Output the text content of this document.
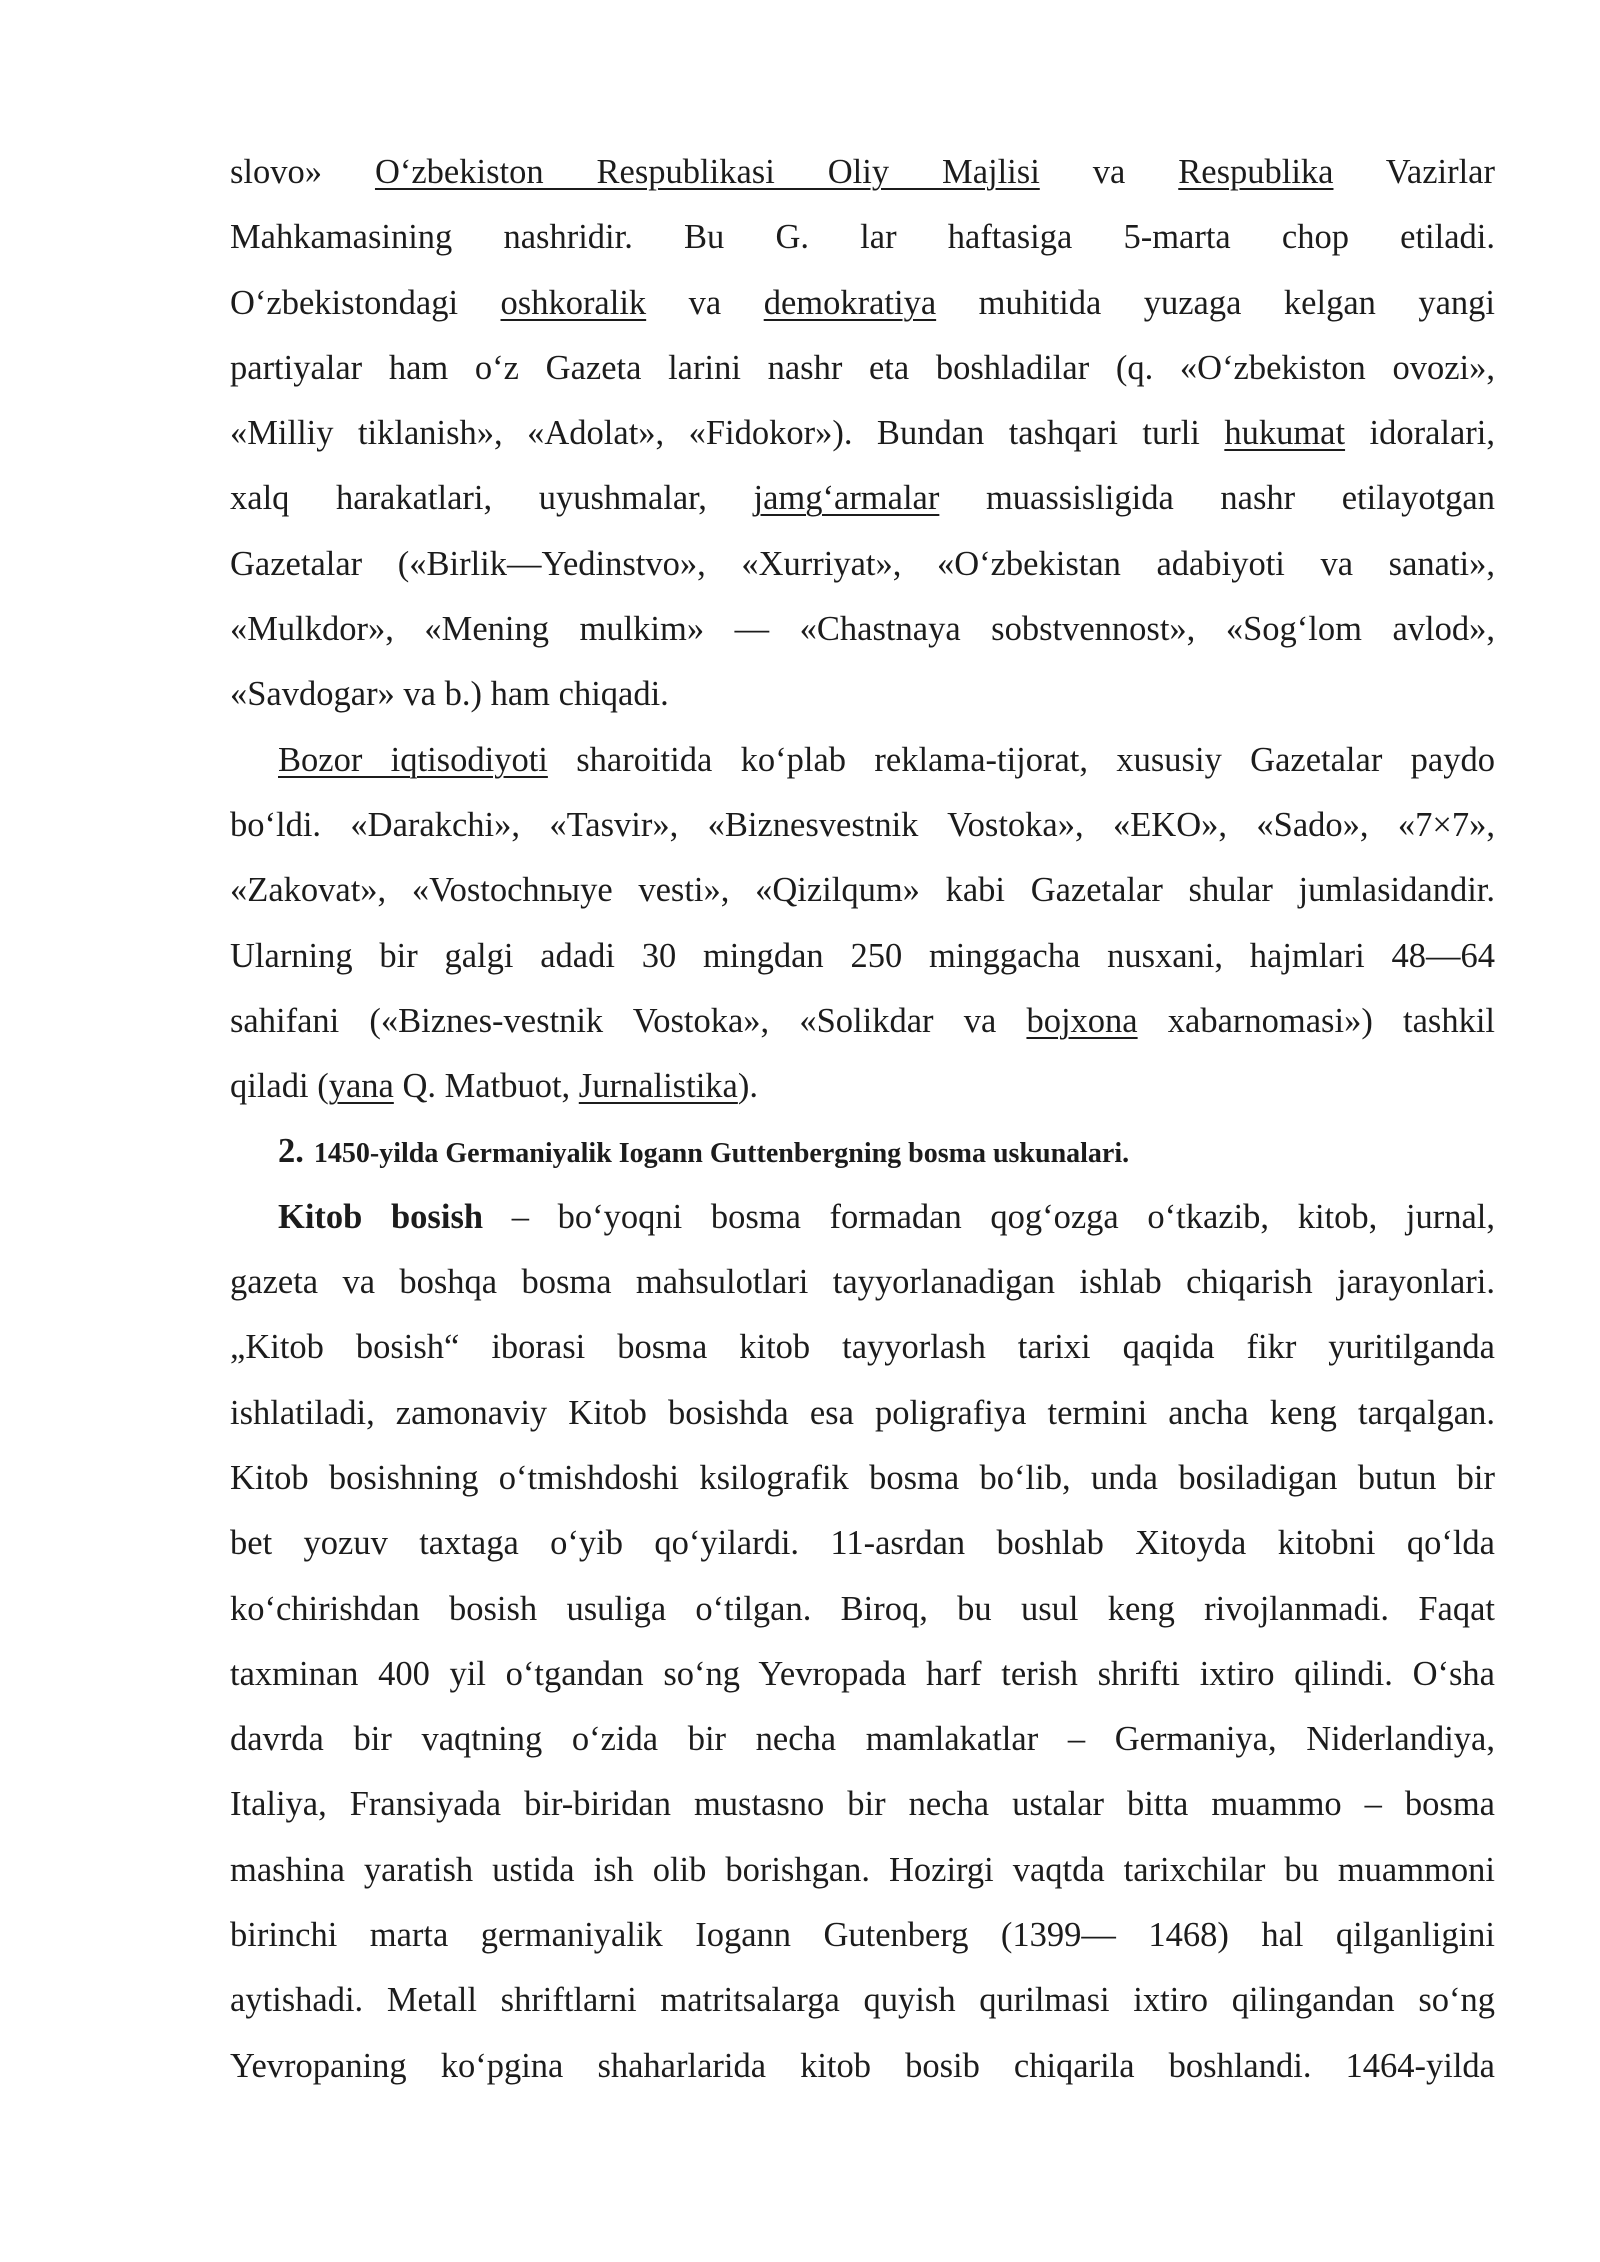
slovo» O‘zbekiston Respublikasi Oliy Majlisi va Respublika Vazirlar
Mahkamasining nashridir. Bu G. lar haftasiga 5-marta chop etiladi.
O‘zbekistondagi oshkoralik va demokratiya muhitida yuzaga kelgan yangi
partiyalar ham o‘z Gazeta larini nashr eta boshladilar (q. «O‘zbekiston ovozi»,
«Milliy tiklanish», «Adolat», «Fidokor»). Bundan tashqari turli hukumat idoralari,
xalq harakatlari, uyushmalar, jamg‘armalar muassisligida nashr etilayotgan
Gazetalar («Birlik—Yedinstvo», «Xurriyat», «O‘zbekistan adabiyoti va sanati»,
«Mulkdor», «Mening mulkim» — «Chastnaya sobstvennost», «Sog‘lom avlod»,
«Savdogar» va b.) ham chiqadi.
Bozor iqtisodiyoti sharoitida ko‘plab reklama-tijorat, xususiy Gazetalar paydo
bo‘ldi. «Darakchi», «Tasvir», «Biznesvestnik Vostoka», «EKO», «Sado», «7×7»,
«Zakovat», «Vostochnыye vesti», «Qizilqum» kabi Gazetalar shular jumlasidandir.
Ularning bir galgi adadi 30 mingdan 250 minggacha nusxani, hajmlari 48—64
sahifani («Biznes-vestnik Vostoka», «Solikdar va bojxona xabarnomasi») tashkil
qiladi (yana Q. Matbuot, Jurnalistika).
2. 1450-yilda Germaniyalik Iogann Guttenbergning bosma uskunalari.
Kitob bosish – bo‘yoqni bosma formadan qog‘ozga o‘tkazib, kitob, jurnal,
gazeta va boshqa bosma mahsulotlari tayyorlanadigan ishlab chiqarish jarayonlari.
„Kitob bosish“ iborasi bosma kitob tayyorlash tarixi qaqida fikr yuritilganda
ishlatiladi, zamonaviy Kitob bosishda esa poligrafiya termini ancha keng tarqalgan.
Kitob bosishning o‘tmishdoshi ksilografik bosma bo‘lib, unda bosiladigan butun bir
bet yozuv taxtaga o‘yib qo‘yilardi. 11-asrdan boshlab Xitoyda kitobni qo‘lda
ko‘chirishdan bosish usuliga o‘tilgan. Biroq, bu usul keng rivojlanmadi. Faqat
taxminan 400 yil o‘tgandan so‘ng Yevropada harf terish shrifti ixtiro qilindi. O‘sha
davrda bir vaqtning o‘zida bir necha mamlakatlar – Germaniya, Niderlandiya,
Italiya, Fransiyada bir-biridan mustasno bir necha ustalar bitta muammo – bosma
mashina yaratish ustida ish olib borishgan. Hozirgi vaqtda tarixchilar bu muammoni
birinchi marta germaniyalik Iogann Gutenberg (1399— 1468) hal qilganligini
aytishadi. Metall shriftlarni matritsalarga quyish qurilmasi ixtiro qilingandan so‘ng
Yevropaning ko‘pgina shaharlarida kitob bosib chiqarila boshlandi. 1464-yilda
